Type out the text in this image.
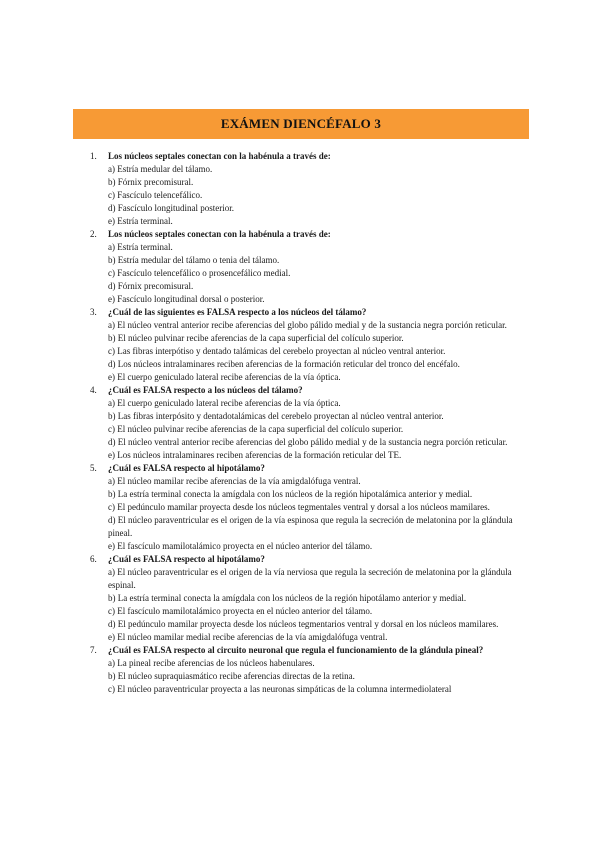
EXÁMEN DIENCÉFALO 3
1. Los núcleos septales conectan con la habénula a través de:
a) Estría medular del tálamo.
b) Fórnix precomisural.
c) Fascículo telencefálico.
d) Fascículo longitudinal posterior.
e) Estría terminal.
2. Los núcleos septales conectan con la habénula a través de:
a) Estría terminal.
b) Estría medular del tálamo o tenia del tálamo.
c) Fascículo telencefálico o prosencefálico medial.
d) Fórnix precomisural.
e) Fascículo longitudinal dorsal o posterior.
3. ¿Cuál de las siguientes es FALSA respecto a los núcleos del tálamo?
a) El núcleo ventral anterior recibe aferencias del globo pálido medial y de la sustancia negra porción reticular.
b) El núcleo pulvinar recibe aferencias de la capa superficial del colículo superior.
c) Las fibras interpótiso y dentado talámicas del cerebelo proyectan al núcleo ventral anterior.
d) Los núcleos intralaminares reciben aferencias de la formación reticular del tronco del encéfalo.
e) El cuerpo geniculado lateral recibe aferencias de la vía óptica.
4. ¿Cuál es FALSA respecto a los núcleos del tálamo?
a) El cuerpo geniculado lateral recibe aferencias de la vía óptica.
b) Las fibras interpósito y dentadotalámicas del cerebelo proyectan al núcleo ventral anterior.
c) El núcleo pulvinar recibe aferencias de la capa superficial del colículo superior.
d) El núcleo ventral anterior recibe aferencias del globo pálido medial y de la sustancia negra porción reticular.
e) Los núcleos intralaminares reciben aferencias de la formación reticular del TE.
5. ¿Cuál es FALSA respecto al hipotálamo?
a) El núcleo mamilar recibe aferencias de la vía amigdalófuga ventral.
b) La estría terminal conecta la amígdala con los núcleos de la región hipotalámica anterior y medial.
c) El pedúnculo mamilar proyecta desde los núcleos tegmentales ventral y dorsal a los núcleos mamilares.
d) El núcleo paraventricular es el origen de la vía espinosa que regula la secreción de melatonina por la glándula pineal.
e) El fascículo mamilotalámico proyecta en el núcleo anterior del tálamo.
6. ¿Cuál es FALSA respecto al hipotálamo?
a) El núcleo paraventricular es el origen de la vía nerviosa que regula la secreción de melatonina por la glándula espinal.
b) La estría terminal conecta la amígdala con los núcleos de la región hipotálamo anterior y medial.
c) El fascículo mamilotalámico proyecta en el núcleo anterior del tálamo.
d) El pedúnculo mamilar proyecta desde los núcleos tegmentarios ventral y dorsal en los núcleos mamilares.
e) El núcleo mamilar medial recibe aferencias de la vía amigdalófuga ventral.
7. ¿Cuál es FALSA respecto al circuito neuronal que regula el funcionamiento de la glándula pineal?
a) La pineal recibe aferencias de los núcleos habenulares.
b) El núcleo supraquiasmático recibe aferencias directas de la retina.
c) El núcleo paraventricular proyecta a las neuronas simpáticas de la columna intermediolateral
